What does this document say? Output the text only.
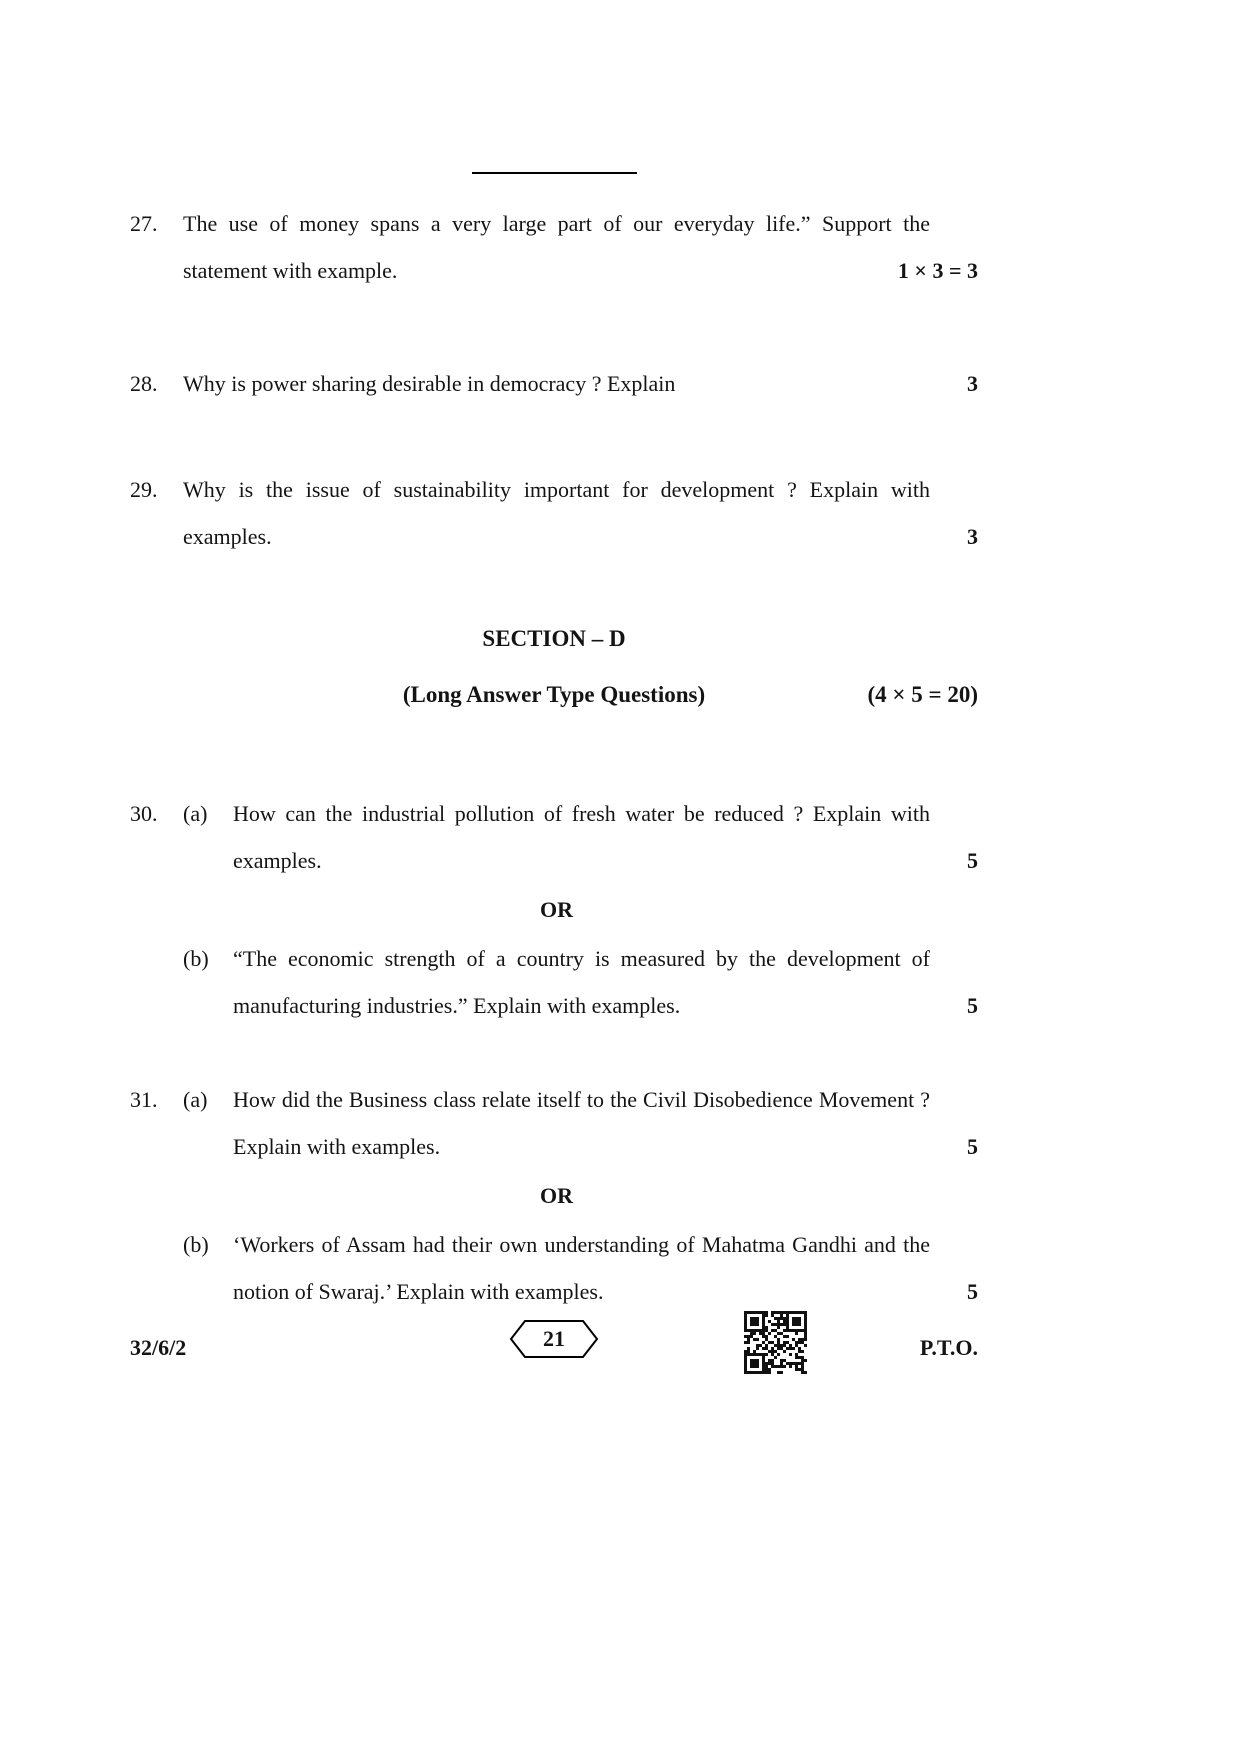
27.	The use of money spans a very large part of our everyday life.” Support the statement with example.	1 × 3 = 3
28.	Why is power sharing desirable in democracy ? Explain	3
29.	Why is the issue of sustainability important for development ? Explain with examples.	3
SECTION – D
(Long Answer Type Questions)	(4 × 5 = 20)
30.	(a)	How can the industrial pollution of fresh water be reduced ? Explain with examples.	5
OR
(b)	“The economic strength of a country is measured by the development of manufacturing industries.” Explain with examples.	5
31.	(a)	How did the Business class relate itself to the Civil Disobedience Movement ? Explain with examples.	5
OR
(b)	‘Workers of Assam had their own understanding of Mahatma Gandhi and the notion of Swaraj.’ Explain with examples.	5
32/6/2	21	P.T.O.
